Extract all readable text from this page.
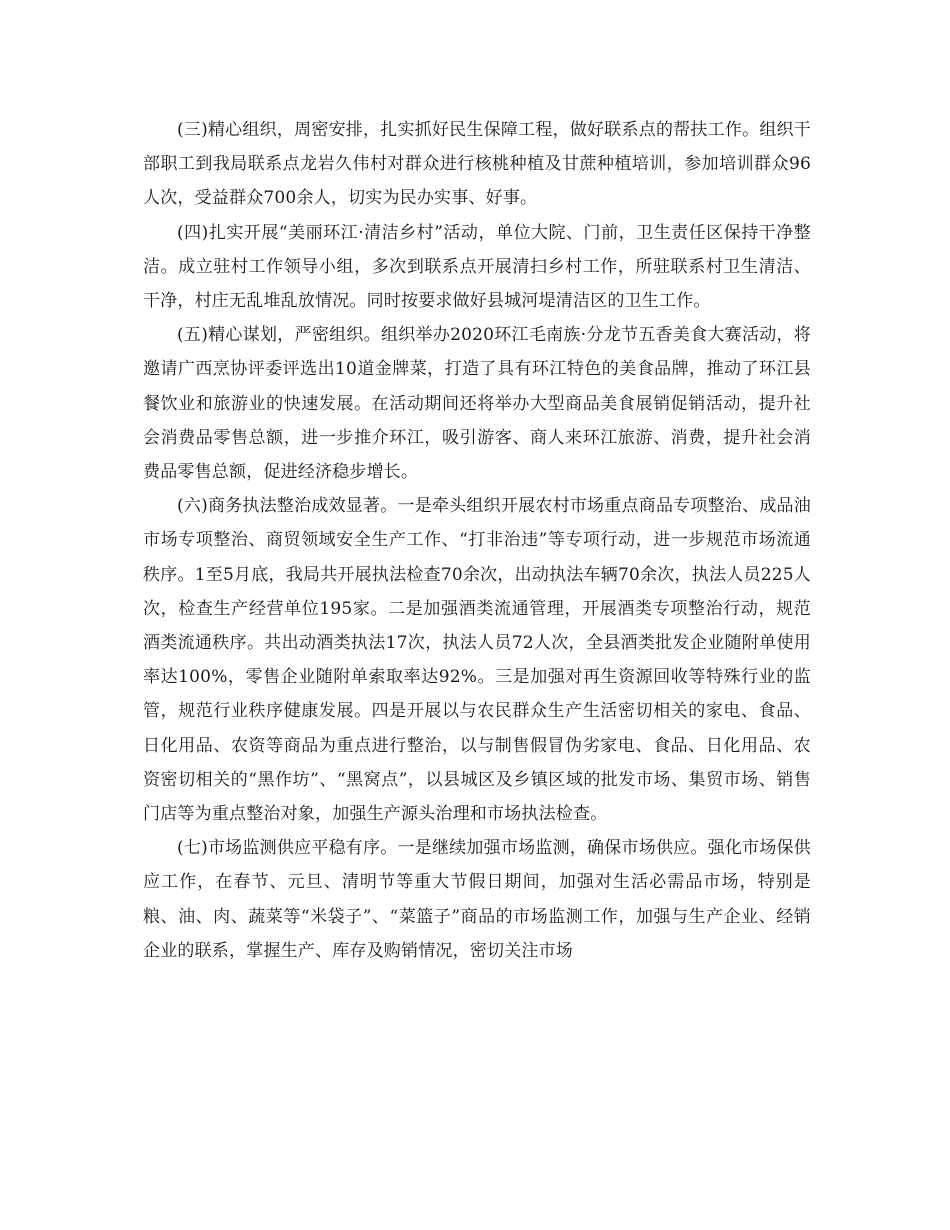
(三)精心组织，周密安排，扎实抓好民生保障工程，做好联系点的帮扶工作。组织干部职工到我局联系点龙岩久伟村对群众进行核桃种植及甘蔗种植培训，参加培训群众96人次，受益群众700余人，切实为民办实事、好事。

(四)扎实开展“美丽环江·清洁乡村”活动，单位大院、门前，卫生责任区保持干净整洁。成立驻村工作领导小组，多次到联系点开展清扫乡村工作，所驻联系村卫生清洁、干净，村庄无乱堆乱放情况。同时按要求做好县城河堤清洁区的卫生工作。

(五)精心谋划，严密组织。组织举办2020环江毛南族·分龙节五香美食大赛活动，将邀请广西烹协评委评选出10道金牌菜，打造了具有环江特色的美食品牌，推动了环江县餐饮业和旅游业的快速发展。在活动期间还将举办大型商品美食展销促销活动，提升社会消费品零售总额，进一步推介环江，吸引游客、商人来环江旅游、消费，提升社会消费品零售总额，促进经济稳步增长。

(六)商务执法整治成效显著。一是牵头组织开展农村市场重点商品专项整治、成品油市场专项整治、商贸领域安全生产工作、“打非治违”等专项行动，进一步规范市场流通秩序。1至5月底，我局共开展执法检查70余次，出动执法车辆70余次，执法人员225人次，检查生产经营单位195家。二是加强酒类流通管理，开展酒类专项整治行动，规范酒类流通秩序。共出动酒类执法17次，执法人员72人次，全县酒类批发企业随附单使用率达100%，零售企业随附单索取率达92%。三是加强对再生资源回收等特殊行业的监管，规范行业秩序健康发展。四是开展以与农民群众生产生活密切相关的家电、食品、日化用品、农资等商品为重点进行整治，以与制售假冒伪劣家电、食品、日化用品、农资密切相关的“黑作坊”、“黑窝点”，以县城区及乡镇区域的批发市场、集贸市场、销售门店等为重点整治对象，加强生产源头治理和市场执法检查。

(七)市场监测供应平稳有序。一是继续加强市场监测，确保市场供应。强化市场保供应工作，在春节、元旦、清明节等重大节假日期间，加强对生活必需品市场，特别是粮、油、肉、蔬菜等“米袋子”、“菜篮子”商品的市场监测工作，加强与生产企业、经销企业的联系，掌握生产、库存及购销情况，密切关注市场
